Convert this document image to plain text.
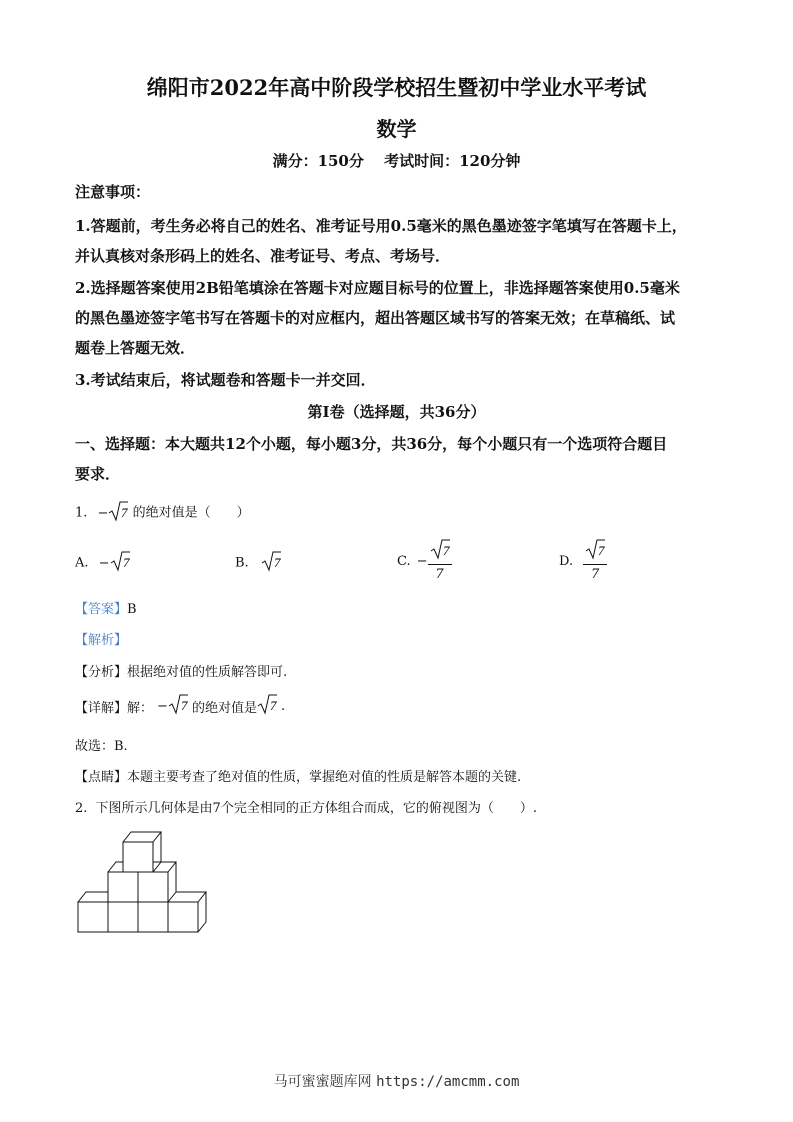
绵阳市2022年高中阶段学校招生暨初中学业水平考试
数学
满分：150分　 考试时间：120分钟
注意事项：
1.答题前，考生务必将自己的姓名、准考证号用0.5毫米的黑色墨迹签字笔填写在答题卡上，
并认真核对条形码上的姓名、准考证号、考点、考场号．
2.选择题答案使用2B铅笔填涂在答题卡对应题目标号的位置上，非选择题答案使用0.5毫米
的黑色墨迹签字笔书写在答题卡的对应框内，超出答题区域书写的答案无效；在草稿纸、试
题卷上答题无效．
3.考试结束后，将试题卷和答题卡一并交回．
第Ⅰ卷（选择题，共36分）
一、选择题：本大题共12个小题，每小题3分，共36分，每个小题只有一个选项符合题目
要求．
1. − 7 的绝对值是（　　）
A. − 7	B. 7	C. − $\frac{7}{7}$	D. $\frac{7}{7}$
【答案】B
【解析】
【分析】根据绝对值的性质解答即可.
【详解】 解： − 7 的绝对值是 7 .
故选：B.
【点睛】本题主要考查了绝对值的性质，掌握绝对值的性质是解答本题的关键.
2. 下图所示几何体是由7个完全相同的正方体组合而成，它的俯视图为（　　）.
马可蜜蜜题库网 https://amcmm.com
